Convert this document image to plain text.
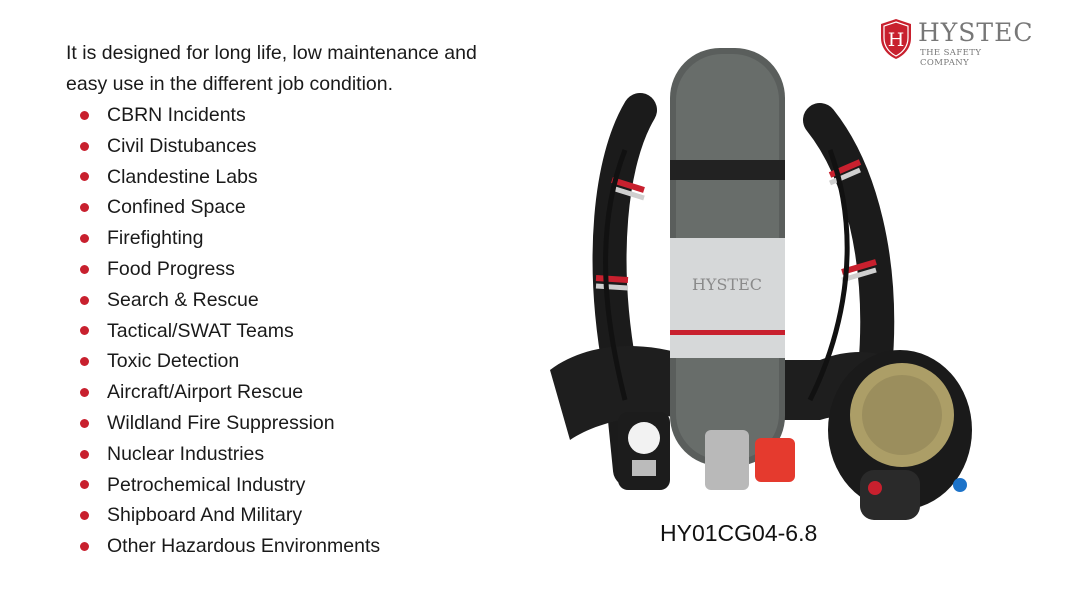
It is designed for long life, low maintenance and
easy use in the different job condition.

CBRN Incidents
Civil Distubances
Clandestine Labs
Confined Space
Firefighting
Food Progress
Search & Rescue
Tactical/SWAT Teams
Toxic Detection
Aircraft/Airport Rescue
Wildland Fire Suppression
Nuclear Industries
Petrochemical Industry
Shipboard And Military
Other Hazardous Environments
H HYSTEC
THE SAFETY COMPANY
HYSTEC
HY01CG04-6.8
